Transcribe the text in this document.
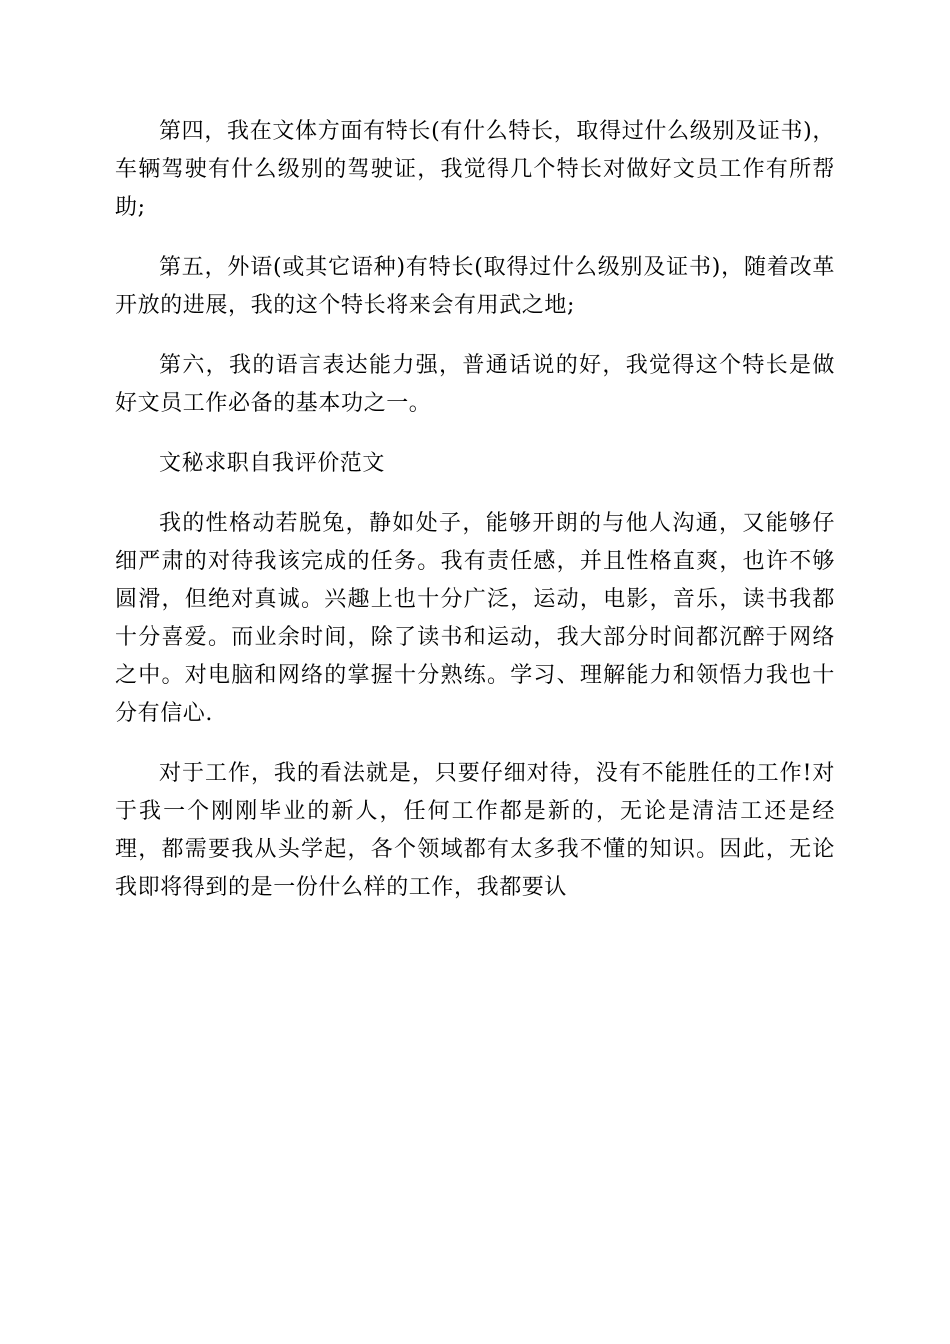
第四，我在文体方面有特长(有什么特长，取得过什么级别及证书)，车辆驾驶有什么级别的驾驶证，我觉得几个特长对做好文员工作有所帮助;

第五，外语(或其它语种)有特长(取得过什么级别及证书)，随着改革开放的进展，我的这个特长将来会有用武之地;

第六，我的语言表达能力强，普通话说的好，我觉得这个特长是做好文员工作必备的基本功之一。

文秘求职自我评价范文

我的性格动若脱兔，静如处子，能够开朗的与他人沟通，又能够仔细严肃的对待我该完成的任务。我有责任感，并且性格直爽，也许不够圆滑，但绝对真诚。兴趣上也十分广泛，运动，电影，音乐，读书我都十分喜爱。而业余时间，除了读书和运动，我大部分时间都沉醉于网络之中。对电脑和网络的掌握十分熟练。学习、理解能力和领悟力我也十分有信心.

对于工作，我的看法就是，只要仔细对待，没有不能胜任的工作!对于我一个刚刚毕业的新人，任何工作都是新的，无论是清洁工还是经理，都需要我从头学起，各个领域都有太多我不懂的知识。因此，无论我即将得到的是一份什么样的工作，我都要认
